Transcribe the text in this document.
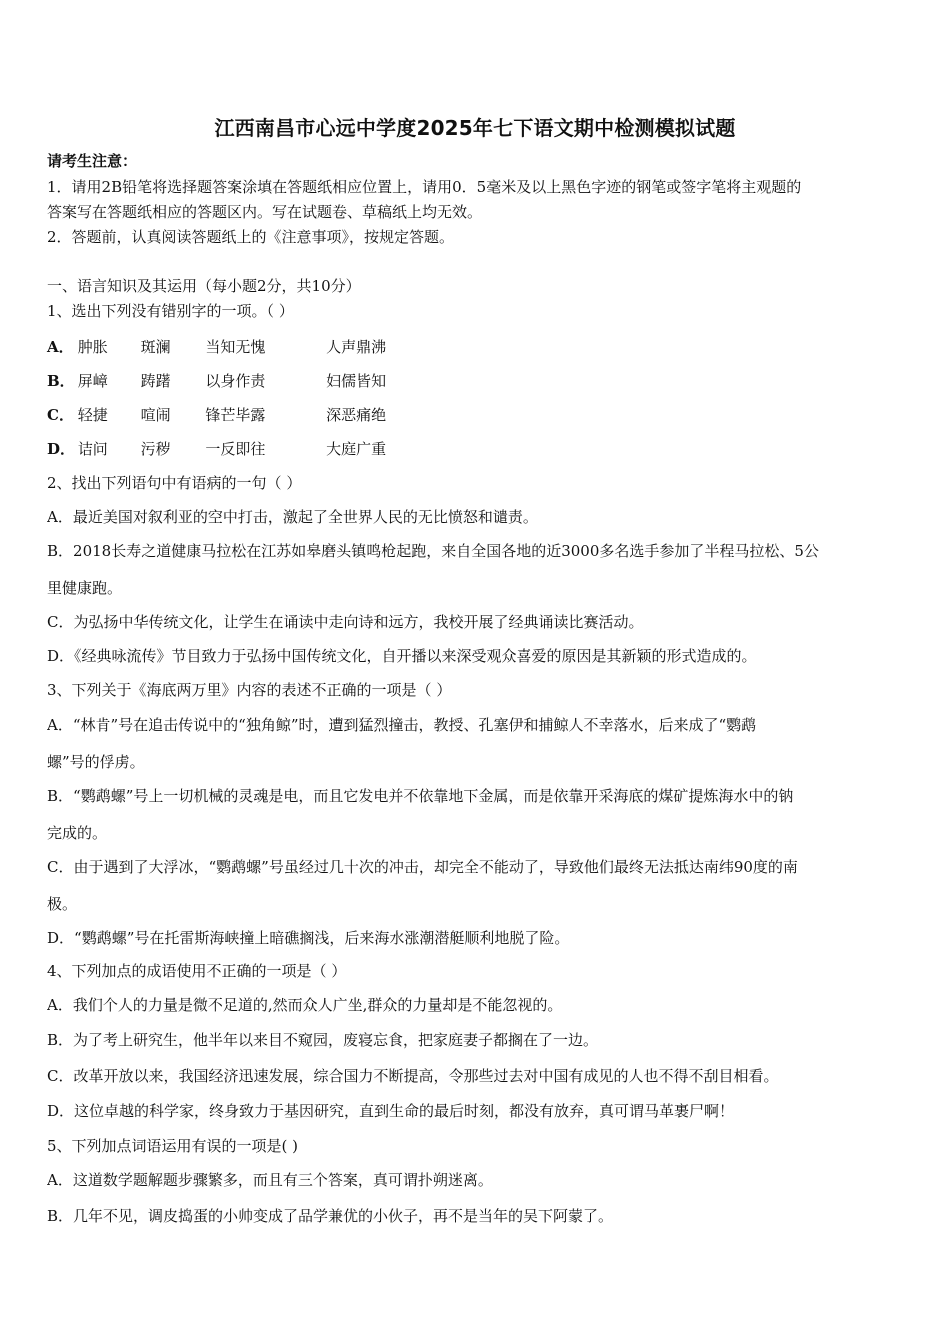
江西南昌市心远中学度2025年七下语文期中检测模拟试题
请考生注意：
1．请用2B铅笔将选择题答案涂填在答题纸相应位置上，请用0．5毫米及以上黑色字迹的钢笔或签字笔将主观题的
答案写在答题纸相应的答题区内。写在试题卷、草稿纸上均无效。
2．答题前，认真阅读答题纸上的《注意事项》，按规定答题。
一、语言知识及其运用（每小题2分，共10分）
1、选出下列没有错别字的一项。（ ）
A． 肿胀 斑澜 当知无愧	人声鼎沸
B． 屏嶂 踌躇 以身作责	妇儒皆知
C． 轻捷 喧闹 锋芒毕露	深恶痛绝
D． 诘问 污秽 一反即往	大庭广重
2、找出下列语句中有语病的一句（ ）
A．最近美国对叙利亚的空中打击，激起了全世界人民的无比愤怒和谴责。
B．2018长寿之道健康马拉松在江苏如皋磨头镇鸣枪起跑，来自全国各地的近3000多名选手参加了半程马拉松、5公
里健康跑。
C．为弘扬中华传统文化，让学生在诵读中走向诗和远方，我校开展了经典诵读比赛活动。
D．《经典咏流传》节目致力于弘扬中国传统文化，自开播以来深受观众喜爱的原因是其新颖的形式造成的。
3、下列关于《海底两万里》内容的表述不正确的一项是（ ）
A．“林肯”号在追击传说中的“独角鲸”时，遭到猛烈撞击，教授、孔塞伊和捕鲸人不幸落水，后来成了“鹦鹉
螺”号的俘虏。
B．“鹦鹉螺”号上一切机械的灵魂是电，而且它发电并不依靠地下金属，而是依靠开采海底的煤矿提炼海水中的钠
完成的。
C．由于遇到了大浮冰，“鹦鹉螺”号虽经过几十次的冲击，却完全不能动了，导致他们最终无法抵达南纬90度的南
极。
D．“鹦鹉螺”号在托雷斯海峡撞上暗礁搁浅，后来海水涨潮潜艇顺利地脱了险。
4、下列加点的成语使用不正确的一项是（ ）
A．我们个人的力量是微不足道的,然而众人广坐,群众的力量却是不能忽视的。
B．为了考上研究生，他半年以来目不窥园，废寝忘食，把家庭妻子都搁在了一边。
C．改革开放以来，我国经济迅速发展，综合国力不断提高，令那些过去对中国有成见的人也不得不刮目相看。
D．这位卓越的科学家，终身致力于基因研究，直到生命的最后时刻，都没有放弃，真可谓马革裹尸啊！
5、下列加点词语运用有误的一项是( )
A．这道数学题解题步骤繁多，而且有三个答案，真可谓扑朔迷离。
B．几年不见，调皮捣蛋的小帅变成了品学兼优的小伙子，再不是当年的吴下阿蒙了。
